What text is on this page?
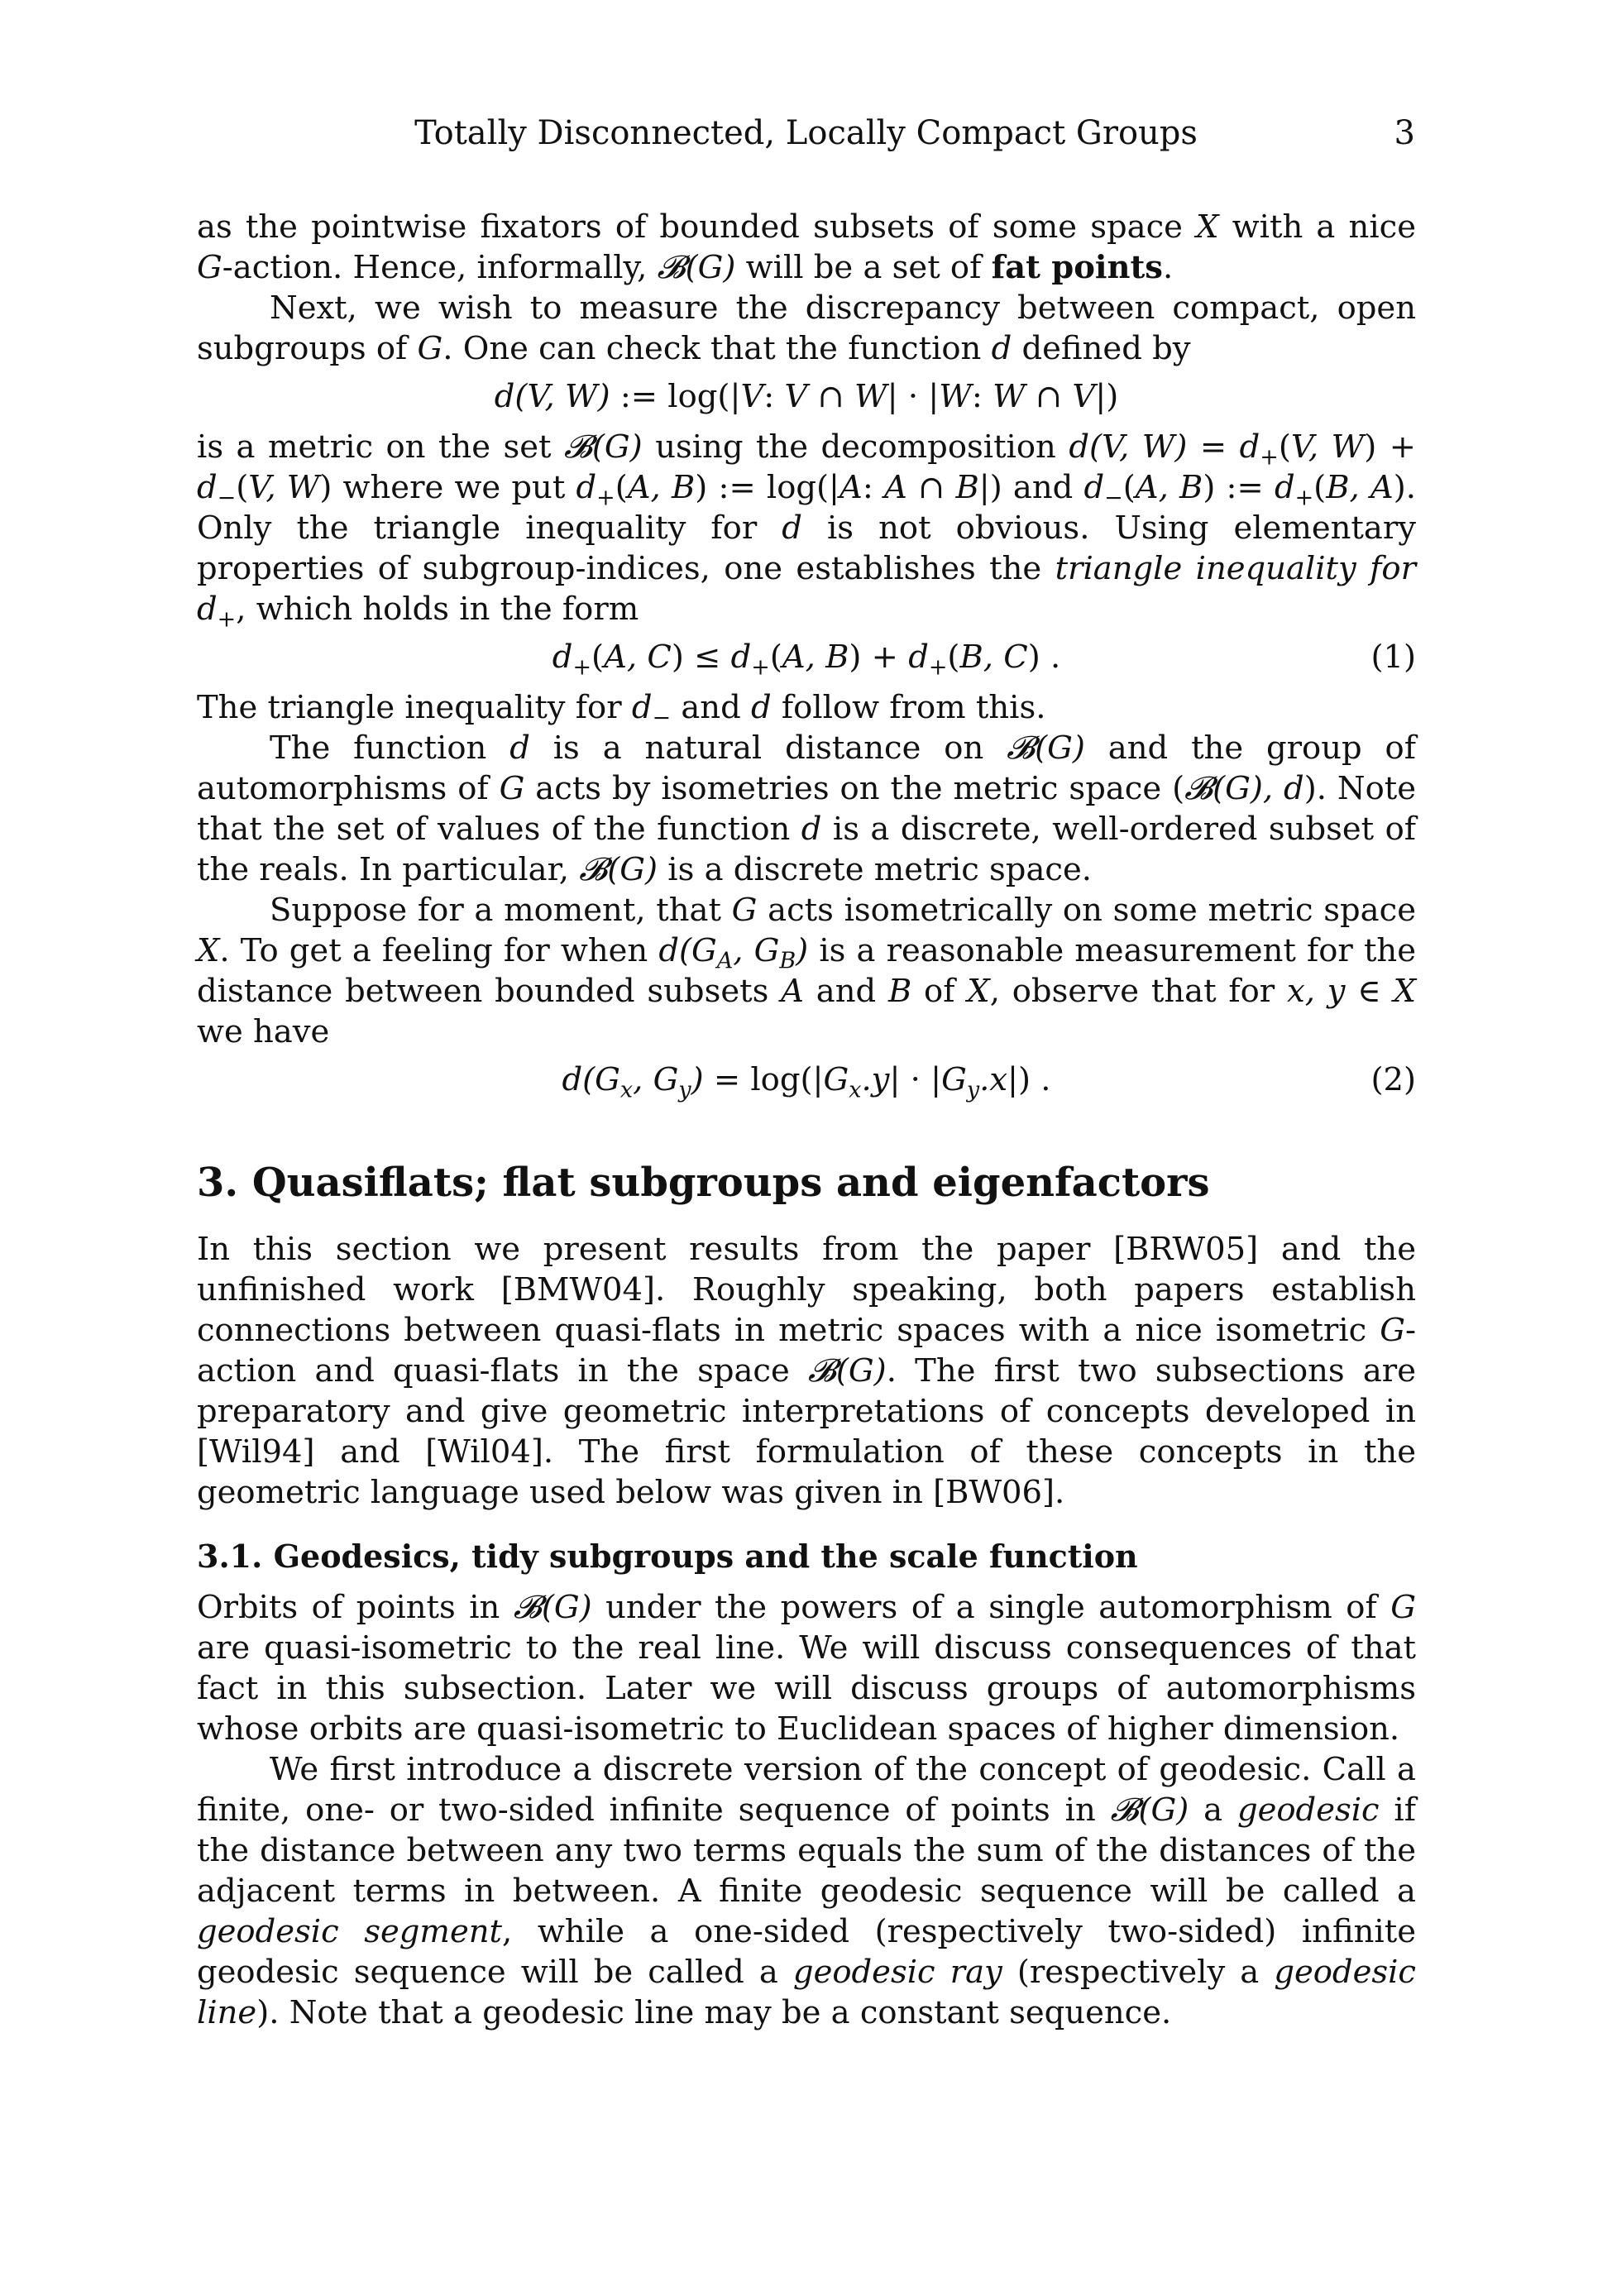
Totally Disconnected, Locally Compact Groups	3

as the pointwise fixators of bounded subsets of some space X with a nice G-action. Hence, informally, 𝓑(G) will be a set of fat points.

Next, we wish to measure the discrepancy between compact, open subgroups of G. One can check that the function d defined by

d(V, W) := log(|V: V ∩ W| · |W: W ∩ V|)

is a metric on the set 𝓑(G) using the decomposition d(V, $W) = d_+(V$, $W) + d_-(V$, W) where we put $d_+(A$, B) := log(|A: A ∩ B|) and $d_-(A$, B) := $d_+(B$, A). Only the triangle inequality for d is not obvious. Using elementary properties of subgroup-indices, one establishes the triangle inequality for $d_+$, which holds in the form

$d_+(A$, $C) \le d_+(A$, $B) + d_+(B$, C) .	(1)

The triangle inequality for $d_-$ and d follow from this.

The function d is a natural distance on 𝓑(G) and the group of automorphisms of G acts by isometries on the metric space (𝓑(G), d). Note that the set of values of the function d is a discrete, well-ordered subset of the reals. In particular, 𝓑(G) is a discrete metric space.

Suppose for a moment, that G acts isometrically on some metric space X. To get a feeling for when $d(G_A$, $G_B$) is a reasonable measurement for the distance between bounded subsets A and B of X, observe that for x, y ∈ X we have

$d(G_x$, $G_y) = \log(|G_x.y| \cdot |G_y.x|)$ .	(2)
3. Quasiflats; flat subgroups and eigenfactors

In this section we present results from the paper [BRW05] and the unfinished work [BMW04]. Roughly speaking, both papers establish connections between quasi-flats in metric spaces with a nice isometric G-action and quasi-flats in the space 𝓑(G). The first two subsections are preparatory and give geometric interpretations of concepts developed in [Wil94] and [Wil04]. The first formulation of these concepts in the geometric language used below was given in [BW06].

3.1. Geodesics, tidy subgroups and the scale function

Orbits of points in 𝓑(G) under the powers of a single automorphism of G are quasi-isometric to the real line. We will discuss consequences of that fact in this subsection. Later we will discuss groups of automorphisms whose orbits are quasi-isometric to Euclidean spaces of higher dimension.

We first introduce a discrete version of the concept of geodesic. Call a finite, one- or two-sided infinite sequence of points in 𝓑(G) a geodesic if the distance between any two terms equals the sum of the distances of the adjacent terms in between. A finite geodesic sequence will be called a geodesic segment, while a one-sided (respectively two-sided) infinite geodesic sequence will be called a geodesic ray (respectively a geodesic line). Note that a geodesic line may be a constant sequence.
